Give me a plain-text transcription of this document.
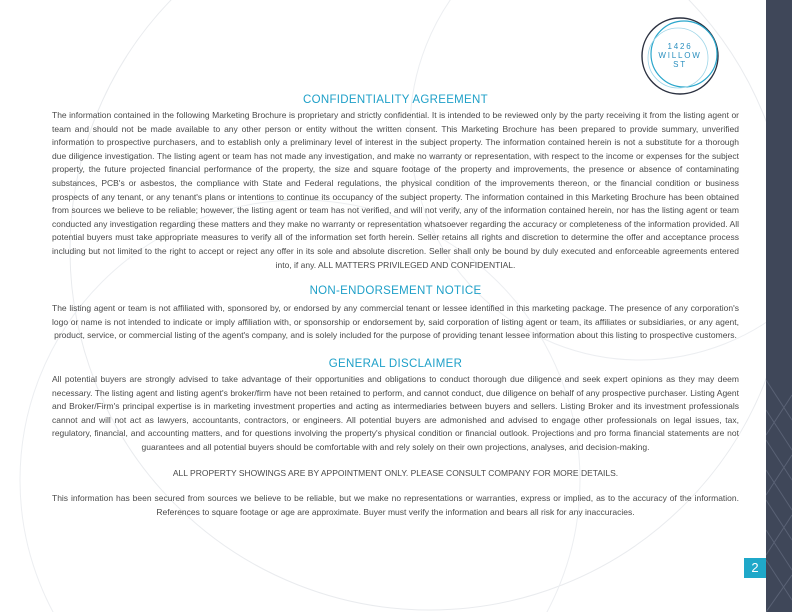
1426
WILLOW
ST
CONFIDENTIALITY AGREEMENT

The information contained in the following Marketing Brochure is proprietary and strictly confidential. It is intended to be reviewed only by the party receiving it from the listing agent or team and should not be made available to any other person or entity without the written consent. This Marketing Brochure has been prepared to provide summary, unverified information to prospective purchasers, and to establish only a preliminary level of interest in the subject property. The information contained herein is not a substitute for a thorough due diligence investigation. The listing agent or team has not made any investigation, and make no warranty or representation, with respect to the income or expenses for the subject property, the future projected financial performance of the property, the size and square footage of the property and improvements, the presence or absence of contaminating substances, PCB's or asbestos, the compliance with State and Federal regulations, the physical condition of the improvements thereon, or the financial condition or business prospects of any tenant, or any tenant's plans or intentions to continue its occupancy of the subject property. The information contained in this Marketing Brochure has been obtained from sources we believe to be reliable; however, the listing agent or team has not verified, and will not verify, any of the information contained herein, nor has the listing agent or team conducted any investigation regarding these matters and they make no warranty or representation whatsoever regarding the accuracy or completeness of the information provided. All potential buyers must take appropriate measures to verify all of the information set forth herein. Seller retains all rights and discretion to determine the offer and acceptance process including but not limited to the right to accept or reject any offer in its sole and absolute discretion. Seller shall only be bound by duly executed and enforceable agreements entered into, if any. ALL MATTERS PRIVILEGED AND CONFIDENTIAL.

NON-ENDORSEMENT NOTICE

The listing agent or team is not affiliated with, sponsored by, or endorsed by any commercial tenant or lessee identified in this marketing package. The presence of any corporation's logo or name is not intended to indicate or imply affiliation with, or sponsorship or endorsement by, said corporation of listing agent or team, its affiliates or subsidiaries, or any agent, product, service, or commercial listing of the agent's company, and is solely included for the purpose of providing tenant lessee information about this listing to prospective customers.

GENERAL DISCLAIMER

All potential buyers are strongly advised to take advantage of their opportunities and obligations to conduct thorough due diligence and seek expert opinions as they may deem necessary. The listing agent and listing agent's broker/firm have not been retained to perform, and cannot conduct, due diligence on behalf of any prospective purchaser. Listing Agent and Broker/Firm's principal expertise is in marketing investment properties and acting as intermediaries between buyers and sellers. Listing Broker and its investment professionals cannot and will not act as lawyers, accountants, contractors, or engineers. All potential buyers are admonished and advised to engage other professionals on legal issues, tax, regulatory, financial, and accounting matters, and for questions involving the property's physical condition or financial outlook. Projections and pro forma financial statements are not guarantees and all potential buyers should be comfortable with and rely solely on their own projections, analyses, and decision-making.

ALL PROPERTY SHOWINGS ARE BY APPOINTMENT ONLY. PLEASE CONSULT COMPANY FOR MORE DETAILS.

This information has been secured from sources we believe to be reliable, but we make no representations or warranties, express or implied, as to the accuracy of the information. References to square footage or age are approximate. Buyer must verify the information and bears all risk for any inaccuracies.

2
